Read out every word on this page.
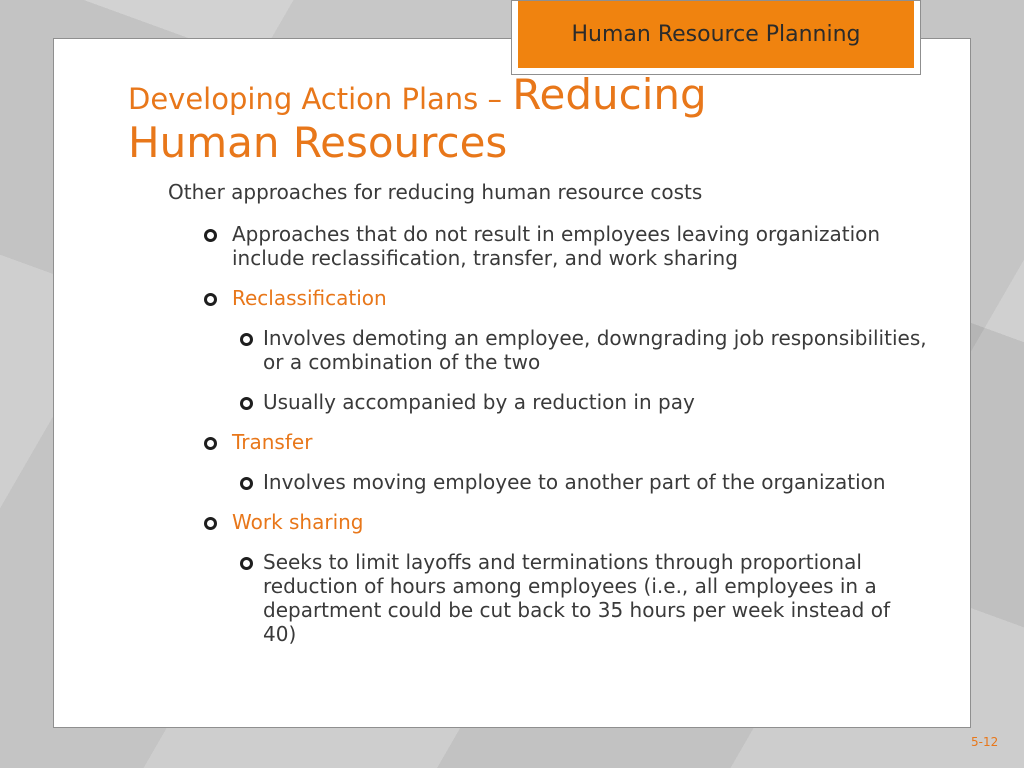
Human Resource Planning
Developing Action Plans – Reducing
Human Resources

Other approaches for reducing human resource costs

Approaches that do not result in employees leaving organization include reclassification, transfer, and work sharing
Reclassification
Involves demoting an employee, downgrading job responsibilities, or a combination of the two
Usually accompanied by a reduction in pay
Transfer
Involves moving employee to another part of the organization
Work sharing
Seeks to limit layoffs and terminations through proportional reduction of hours among employees (i.e., all employees in a department could be cut back to 35 hours per week instead of 40)
5-12
